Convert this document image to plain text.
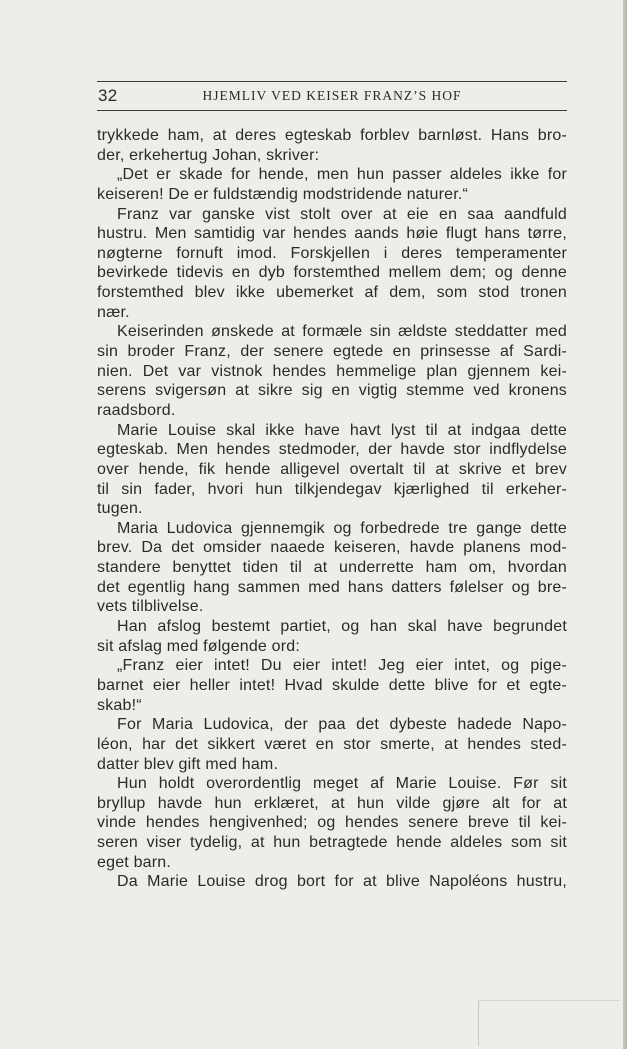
32	HJEMLIV VED KEISER FRANZ’S HOF
trykkede ham, at deres egteskab forblev barnløst. Hans bro-
der, erkehertug Johan, skriver:
„Det er skade for hende, men hun passer aldeles ikke for
keiseren! De er fuldstændig modstridende naturer.“
Franz var ganske vist stolt over at eie en saa aandfuld
hustru. Men samtidig var hendes aands høie flugt hans tørre,
nøgterne fornuft imod. Forskjellen i deres temperamenter
bevirkede tidevis en dyb forstemthed mellem dem; og denne
forstemthed blev ikke ubemerket af dem, som stod tronen
nær.
Keiserinden ønskede at formæle sin ældste steddatter med
sin broder Franz, der senere egtede en prinsesse af Sardi-
nien. Det var vistnok hendes hemmelige plan gjennem kei-
serens svigersøn at sikre sig en vigtig stemme ved kronens
raadsbord.
Marie Louise skal ikke have havt lyst til at indgaa dette
egteskab. Men hendes stedmoder, der havde stor indflydelse
over hende, fik hende alligevel overtalt til at skrive et brev
til sin fader, hvori hun tilkjendegav kjærlighed til erkeher-
tugen.
Maria Ludovica gjennemgik og forbedrede tre gange dette
brev. Da det omsider naaede keiseren, havde planens mod-
standere benyttet tiden til at underrette ham om, hvordan
det egentlig hang sammen med hans datters følelser og bre-
vets tilblivelse.
Han afslog bestemt partiet, og han skal have begrundet
sit afslag med følgende ord:
„Franz eier intet! Du eier intet! Jeg eier intet, og pige-
barnet eier heller intet! Hvad skulde dette blive for et egte-
skab!“
For Maria Ludovica, der paa det dybeste hadede Napo-
léon, har det sikkert været en stor smerte, at hendes sted-
datter blev gift med ham.
Hun holdt overordentlig meget af Marie Louise. Før sit
bryllup havde hun erklæret, at hun vilde gjøre alt for at
vinde hendes hengivenhed; og hendes senere breve til kei-
seren viser tydelig, at hun betragtede hende aldeles som sit
eget barn.
Da Marie Louise drog bort for at blive Napoléons hustru,
